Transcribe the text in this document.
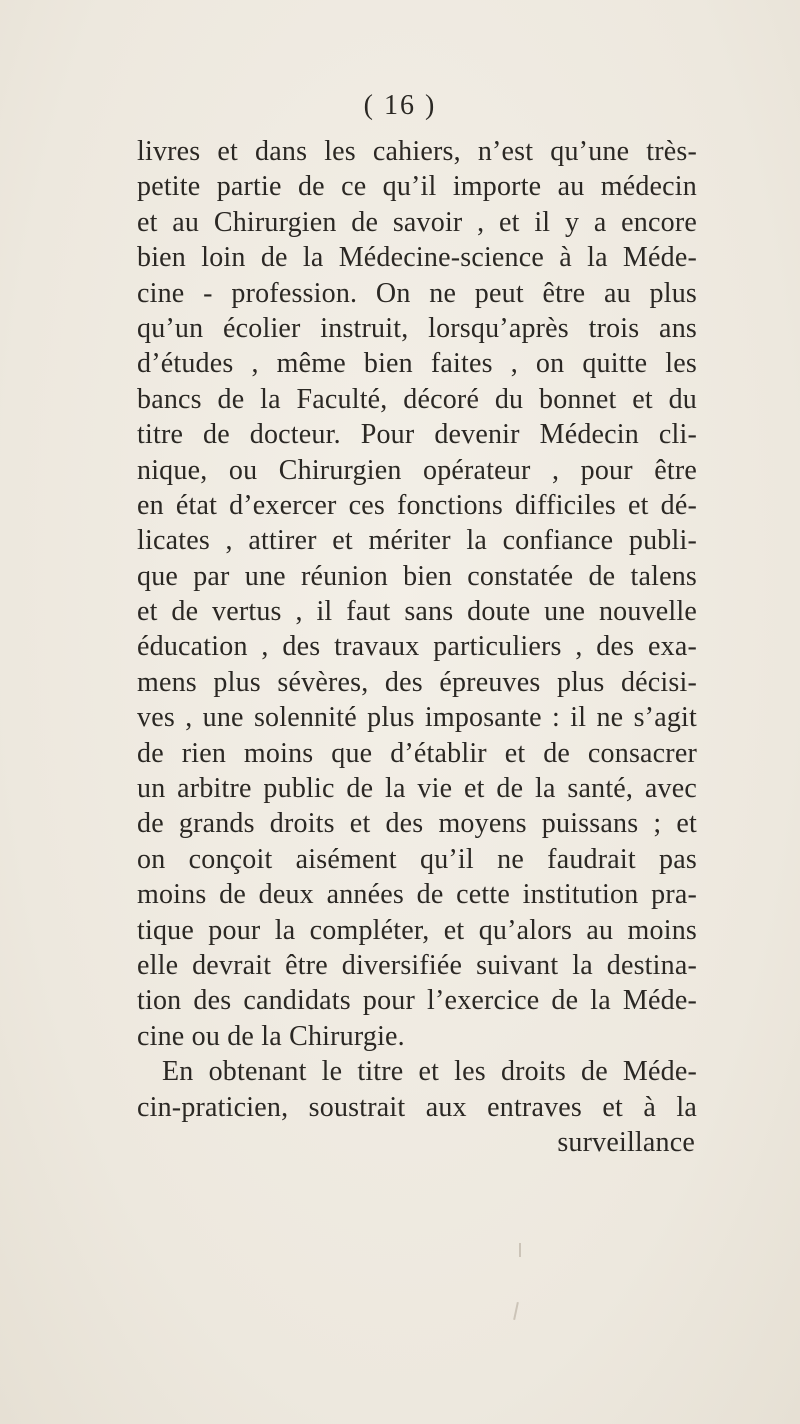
( 16 )
livres et dans les cahiers, n’est qu’une très-
petite partie de ce qu’il importe au médecin
et au Chirurgien de savoir , et il y a encore
bien loin de la Médecine-science à la Méde-
cine - profession. On ne peut être au plus
qu’un écolier instruit, lorsqu’après trois ans
d’études , même bien faites , on quitte les
bancs de la Faculté, décoré du bonnet et du
titre de docteur. Pour devenir Médecin cli-
nique, ou Chirurgien opérateur , pour être
en état d’exercer ces fonctions difficiles et dé-
licates , attirer et mériter la confiance publi-
que par une réunion bien constatée de talens
et de vertus , il faut sans doute une nouvelle
éducation , des travaux particuliers , des exa-
mens plus sévères, des épreuves plus décisi-
ves , une solennité plus imposante : il ne s’agit
de rien moins que d’établir et de consacrer
un arbitre public de la vie et de la santé, avec
de grands droits et des moyens puissans ; et
on conçoit aisément qu’il ne faudrait pas
moins de deux années de cette institution pra-
tique pour la compléter, et qu’alors au moins
elle devrait être diversifiée suivant la destina-
tion des candidats pour l’exercice de la Méde-
cine ou de la Chirurgie.
En obtenant le titre et les droits de Méde-
cin-praticien, soustrait aux entraves et à la
surveillance
